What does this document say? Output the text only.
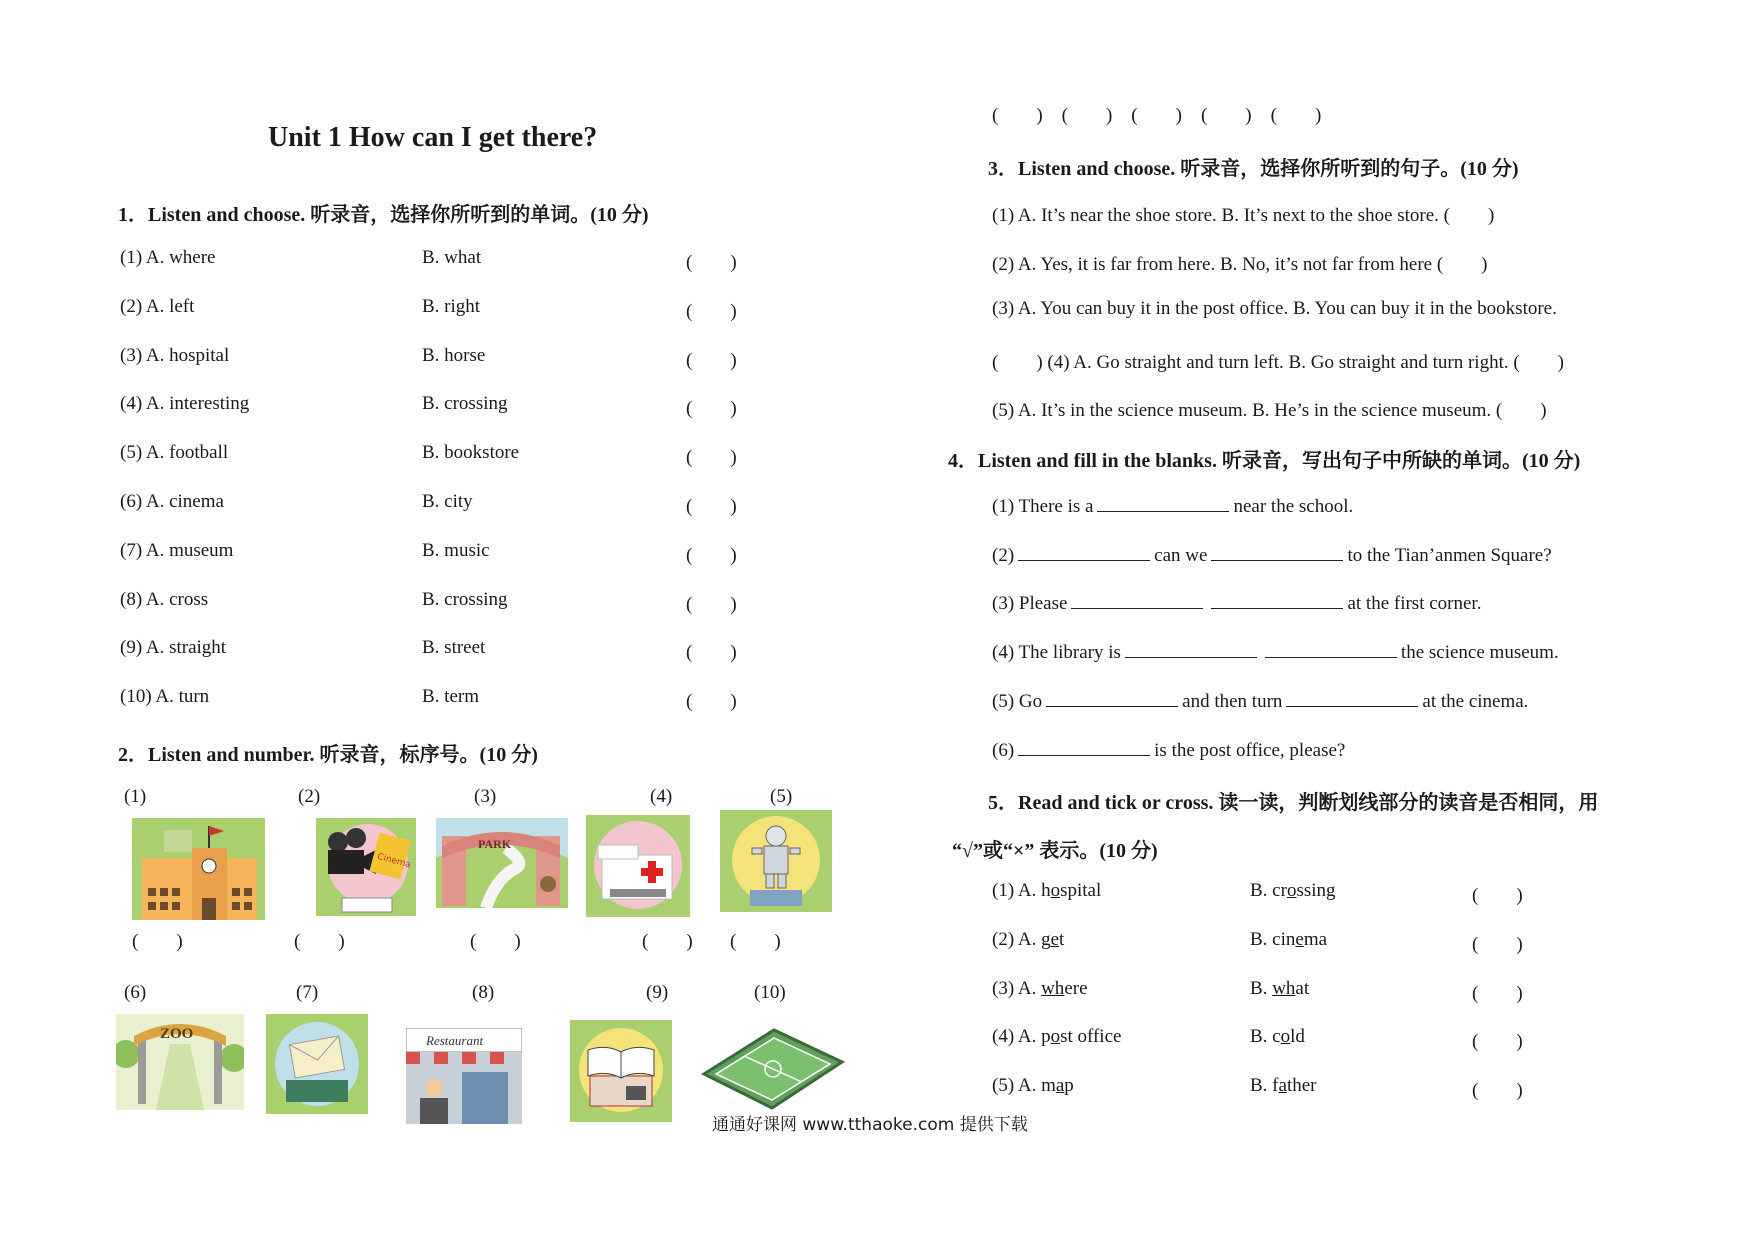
Unit 1 How can I get there?
1．Listen and choose. 听录音，选择你所听到的单词。(10 分)
(1) A. where	B. what	(　　)
(2) A. left	B. right	(　　)
(3) A. hospital	B. horse	(　　)
(4) A. interesting	B. crossing	(　　)
(5) A. football	B. bookstore	(　　)
(6) A. cinema	B. city	(　　)
(7) A. museum	B. music	(　　)
(8) A. cross	B. crossing	(　　)
(9) A. straight	B. street	(　　)
(10) A. turn	B. term	(　　)
2．Listen and number. 听录音，标序号。(10 分)
(1)	(2)	(3)	(4)	(5)
Cinema
PARK
(　　)	(　　)	(　　)	(　　) (　　)
(6)	(7)	(8)	(9)	(10)
ZOO	Restaurant
(　　)　(　　)　(　　)　(　　)　(　　)
3．Listen and choose. 听录音，选择你所听到的句子。(10 分)
(1) A. It’s near the shoe store. B. It’s next to the shoe store. (　　)
(2) A. Yes, it is far from here. B. No, it’s not far from here (　　)
(3) A. You can buy it in the post office. B. You can buy it in the bookstore.
(　　) (4) A. Go straight and turn left. B. Go straight and turn right. (　　)
(5) A. It’s in the science museum. B. He’s in the science museum. (　　)
4．Listen and fill in the blanks. 听录音，写出句子中所缺的单词。(10 分)
(1) There is a	near the school.
(2)	can we	to the Tian’anmen Square?
(3) Please	at the first corner.
(4) The library is	the science museum.
(5) Go	and then turn	at the cinema.
(6)	is the post office, please?
5．Read and tick or cross. 读一读，判断划线部分的读音是否相同，用
“√”或“×” 表示。(10 分)
(1) A. hospital	B. crossing	(　　)
(2) A. get	B. cinema	(　　)
(3) A. where	B. what	(　　)
(4) A. post office	B. cold	(　　)
(5) A. map	B. father	(　　)
通通好课网 www.tthaoke.com 提供下载
